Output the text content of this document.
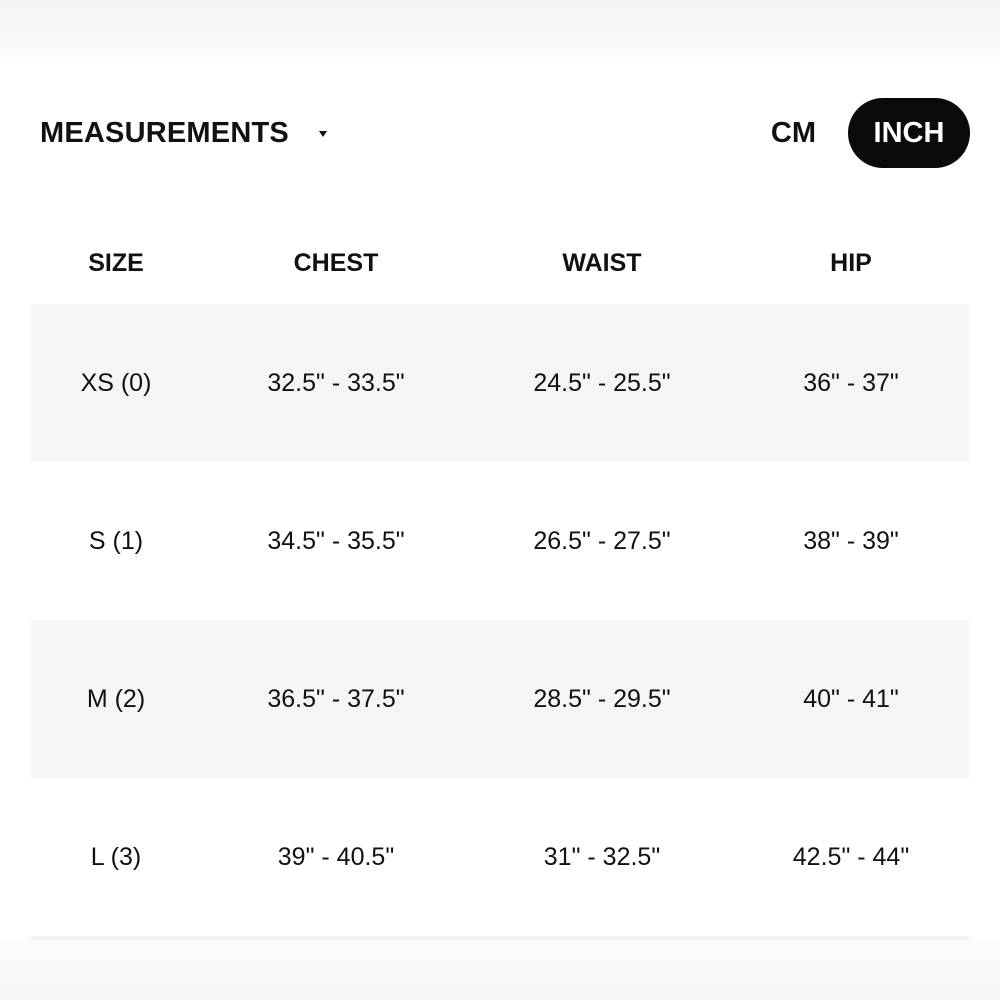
MEASUREMENTS	CM	INCH
SIZE	CHEST	WAIST	HIP
XS (0)	32.5" - 33.5"	24.5" - 25.5"	36" - 37"
S (1)	34.5" - 35.5"	26.5" - 27.5"	38" - 39"
M (2)	36.5" - 37.5"	28.5" - 29.5"	40" - 41"
L (3)	39" - 40.5"	31" - 32.5"	42.5" - 44"
